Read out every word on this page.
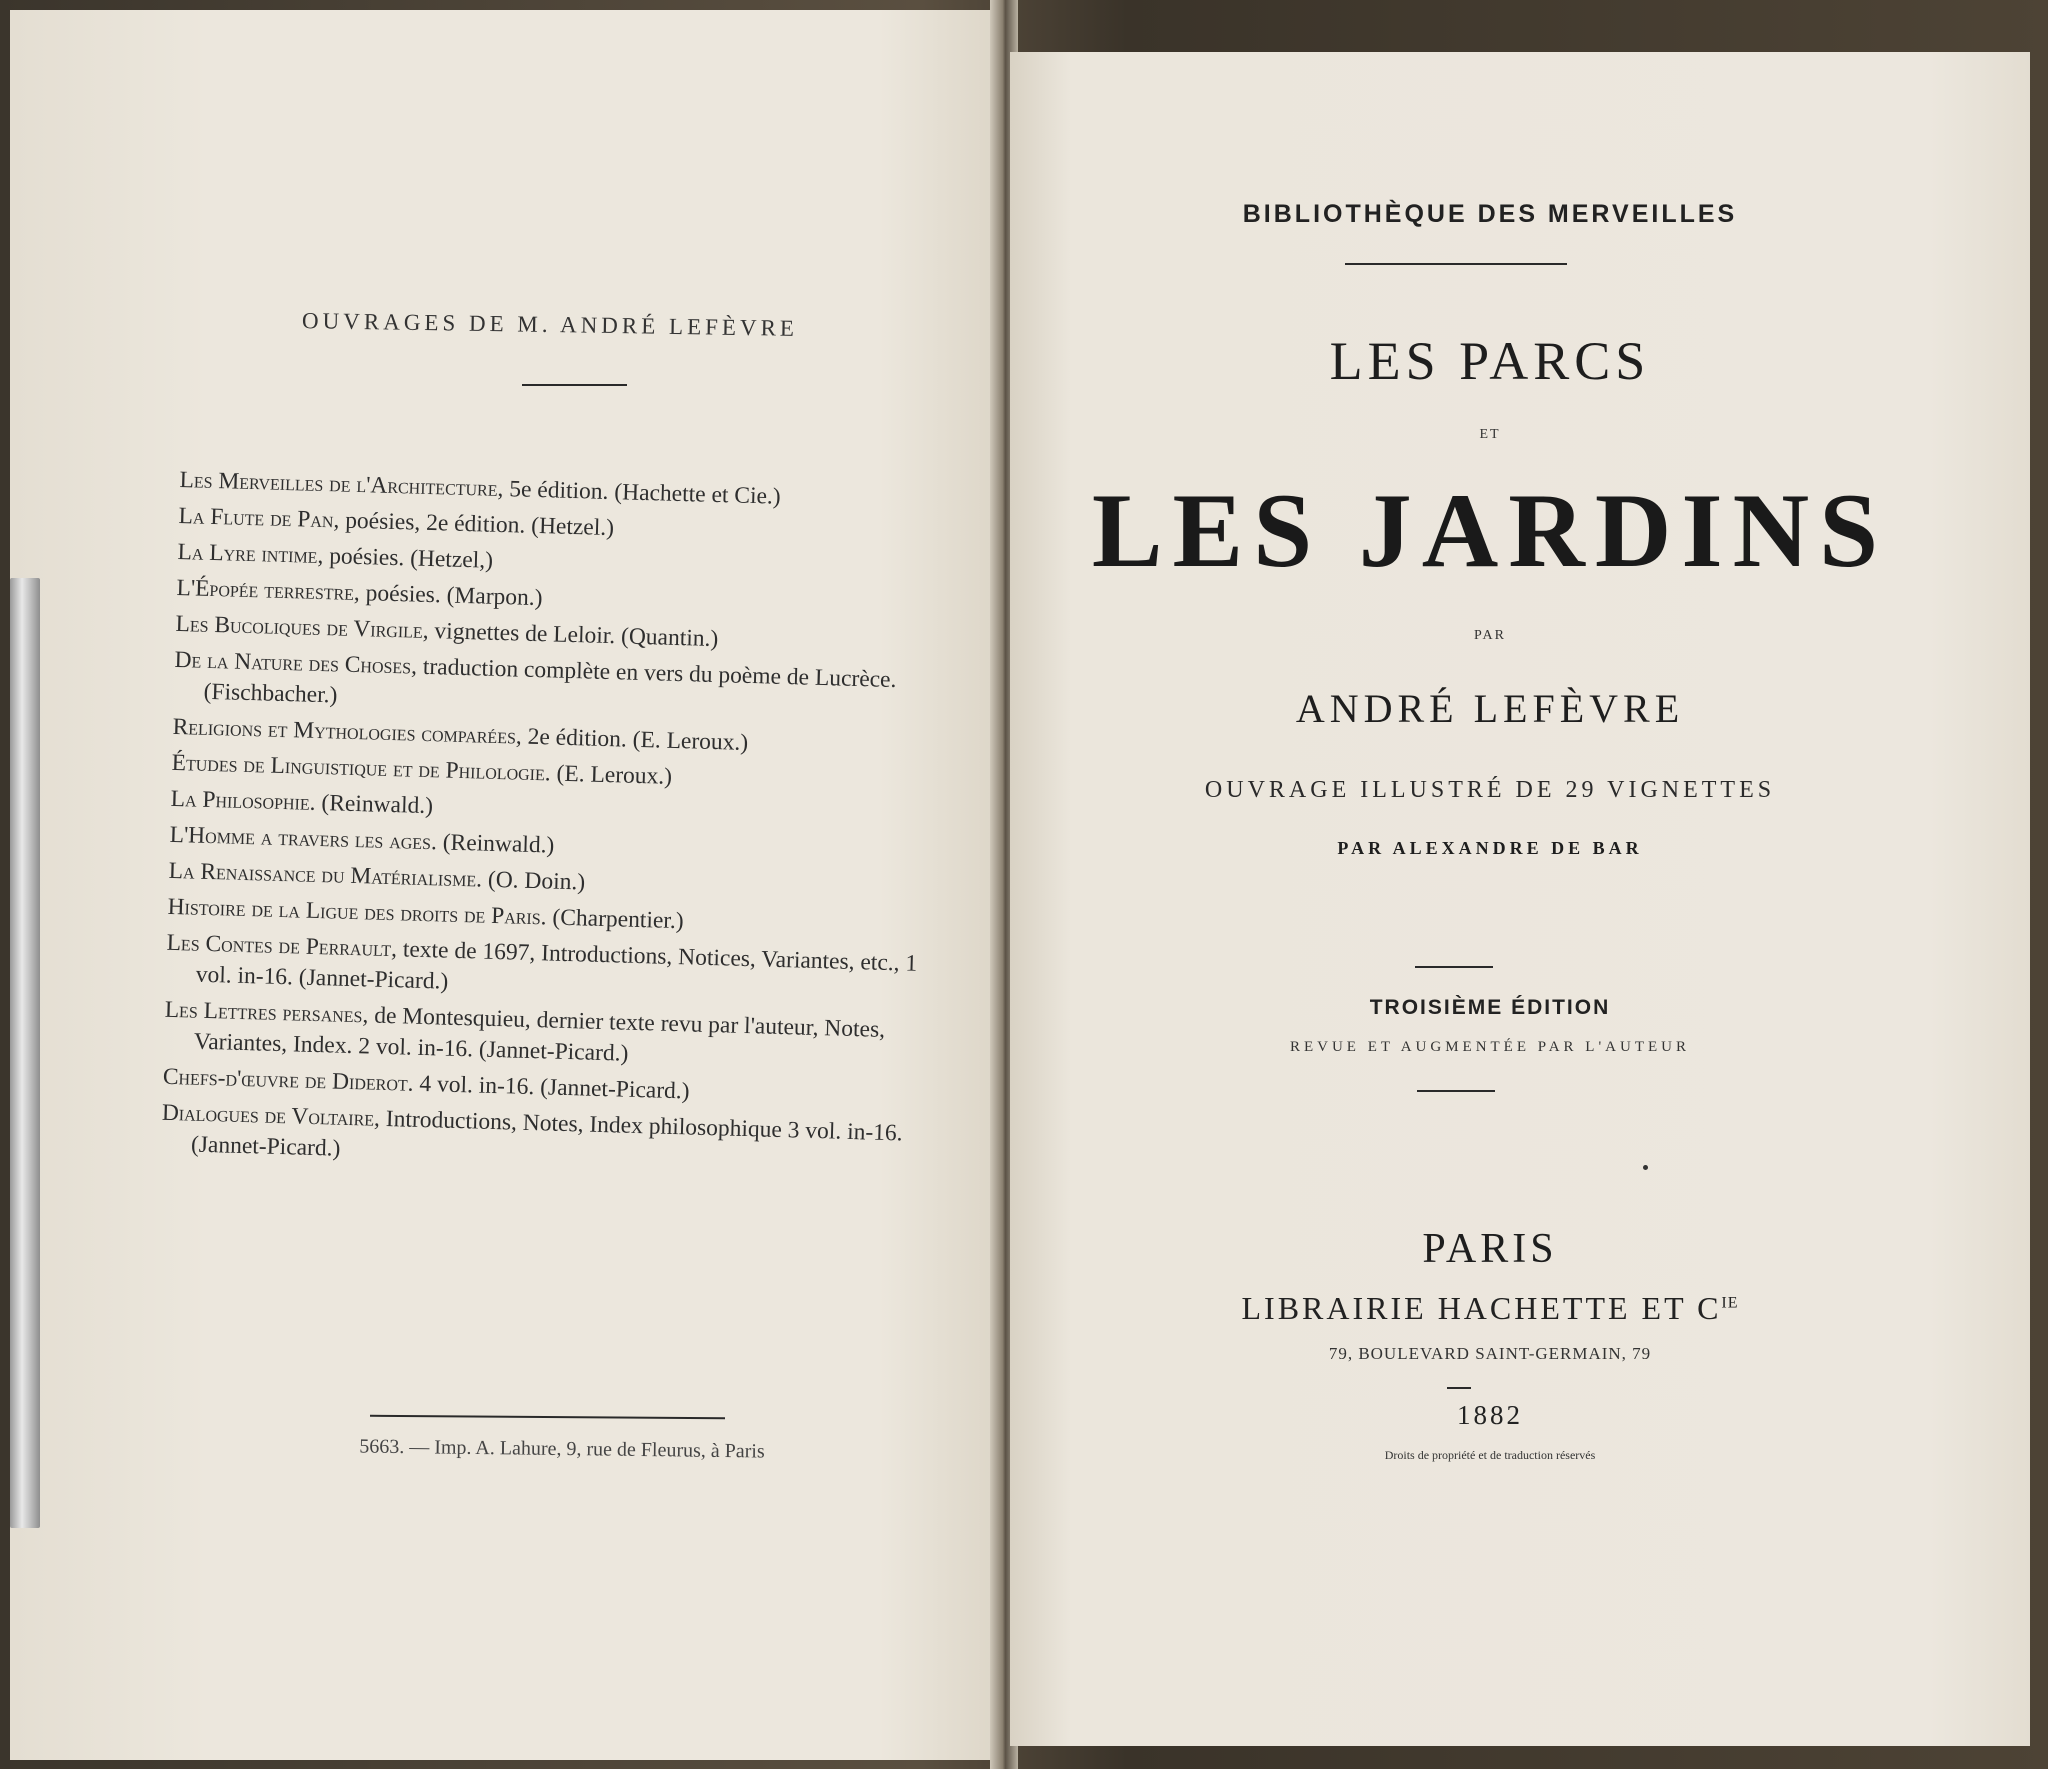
OUVRAGES DE M. ANDRÉ LEFÈVRE
Les Merveilles de l'Architecture, 5e édition. (Hachette et Cie.)
La Flute de Pan, poésies, 2e édition. (Hetzel.)
La Lyre intime, poésies. (Hetzel,)
L'Épopée terrestre, poésies. (Marpon.)
Les Bucoliques de Virgile, vignettes de Leloir. (Quantin.)
De la Nature des Choses, traduction complète en vers du poème de Lucrèce. (Fischbacher.)
Religions et Mythologies comparées, 2e édition. (E. Leroux.)
Études de Linguistique et de Philologie. (E. Leroux.)
La Philosophie. (Reinwald.)
L'Homme a travers les ages. (Reinwald.)
La Renaissance du Matérialisme. (O. Doin.)
Histoire de la Ligue des droits de Paris. (Charpentier.)
Les Contes de Perrault, texte de 1697, Introductions, Notices, Variantes, etc., 1 vol. in-16. (Jannet-Picard.)
Les Lettres persanes, de Montesquieu, dernier texte revu par l'auteur, Notes, Variantes, Index. 2 vol. in-16. (Jannet-Picard.)
Chefs-d'œuvre de Diderot. 4 vol. in-16. (Jannet-Picard.)
Dialogues de Voltaire, Introductions, Notes, Index philosophique 3 vol. in-16. (Jannet-Picard.)
5663. — Imp. A. Lahure, 9, rue de Fleurus, à Paris
BIBLIOTHÈQUE DES MERVEILLES
LES PARCS
ET
LES JARDINS
PAR
ANDRÉ LEFÈVRE
OUVRAGE ILLUSTRÉ DE 29 VIGNETTES
PAR ALEXANDRE DE BAR
TROISIÈME ÉDITION
REVUE ET AUGMENTÉE PAR L'AUTEUR
PARIS
LIBRAIRIE HACHETTE ET $C^{IE}$
79, BOULEVARD SAINT-GERMAIN, 79
1882
Droits de propriété et de traduction réservés
